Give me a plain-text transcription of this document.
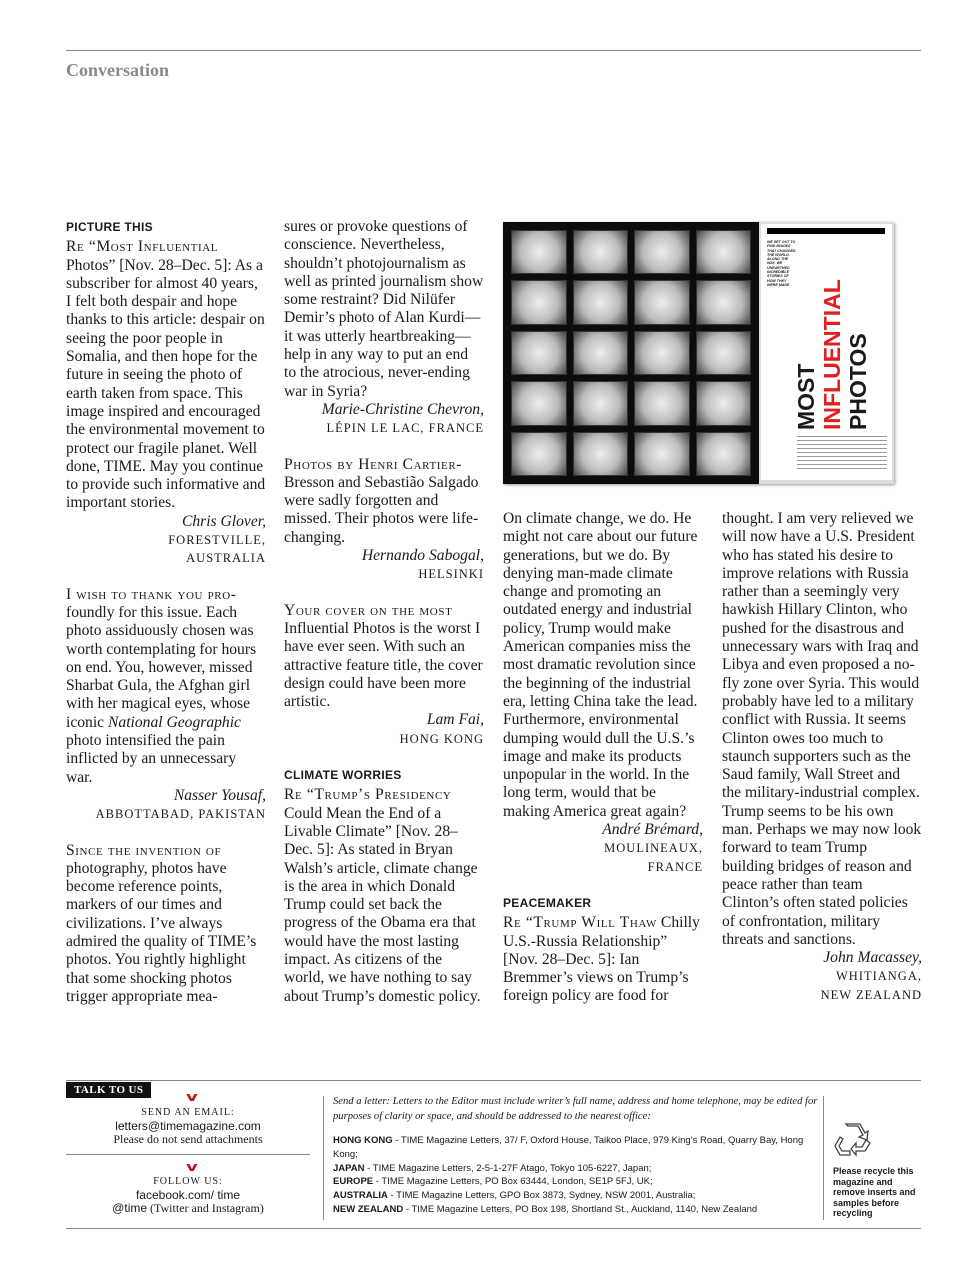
Conversation
PICTURE THIS

Re “Most Influential Photos” [Nov. 28–Dec. 5]: As a subscriber for almost 40 years, I felt both despair and hope thanks to this article: despair on seeing the poor people in Somalia, and then hope for the future in seeing the photo of earth taken from space. This image inspired and encouraged the environmental movement to protect our fragile planet. Well done, TIME. May you continue to provide such informative and important stories.

Chris Glover,
FORESTVILLE,
AUSTRALIA

I wish to thank you pro- foundly for this issue. Each photo assiduously chosen was worth contemplating for hours on end. You, however, missed Sharbat Gula, the Afghan girl with her magical eyes, whose iconic National Geographic photo intensified the pain inflicted by an unnecessary war.

Nasser Yousaf,
ABBOTTABAD, PAKISTAN

Since the invention of photography, photos have become reference points, markers of our times and civilizations. I’ve always admired the quality of TIME’s photos. You rightly highlight that some shocking photos trigger appropriate mea-

sures or provoke questions of conscience. Nevertheless, shouldn’t photojournalism as well as printed journalism show some restraint? Did Nilüfer Demir’s photo of Alan Kurdi—it was utterly heartbreaking—help in any way to put an end to the atrocious, never-ending war in Syria?

Marie-Christine Chevron,
LÉPIN LE LAC, FRANCE

Photos by Henri Cartier- Bresson and Sebastião Salgado were sadly forgotten and missed. Their photos were life-changing.

Hernando Sabogal,
HELSINKI

Your cover on the most Influential Photos is the worst I have ever seen. With such an attractive feature title, the cover design could have been more artistic.

Lam Fai,
HONG KONG
CLIMATE WORRIES

Re “Trump’s Presidency Could Mean the End of a Livable Climate” [Nov. 28–Dec. 5]: As stated in Bryan Walsh’s article, climate change is the area in which Donald Trump could set back the progress of the Obama era that would have the most lasting impact. As citizens of the world, we have nothing to say about Trump’s domestic policy.

WE SET OUT TO FIND IMAGES THAT CHANGED THE WORLD. ALONG THE WAY, WE UNEARTHED INCREDIBLE STORIES OF HOW THEY WERE MADE
MOST INFLUENTIAL PHOTOS

On climate change, we do. He might not care about our future generations, but we do. By denying man-made climate change and promoting an outdated energy and industrial policy, Trump would make American companies miss the most dramatic revolution since the beginning of the industrial era, letting China take the lead. Furthermore, environmental dumping would dull the U.S.’s image and make its products unpopular in the world. In the long term, would that be making America great again?

André Brémard,
MOULINEAUX,
FRANCE
PEACEMAKER

Re “Trump Will Thaw Chilly U.S.-Russia Relationship” [Nov. 28–Dec. 5]: Ian Bremmer’s views on Trump’s foreign policy are food for

thought. I am very relieved we will now have a U.S. President who has stated his desire to improve relations with Russia rather than a seemingly very hawkish Hillary Clinton, who pushed for the disastrous and unnecessary wars with Iraq and Libya and even proposed a no-fly zone over Syria. This would probably have led to a military conflict with Russia. It seems Clinton owes too much to staunch supporters such as the Saud family, Wall Street and the military-industrial complex. Trump seems to be his own man. Perhaps we may now look forward to team Trump building bridges of reason and peace rather than team Clinton’s often stated policies of confrontation, military threats and sanctions.

John Macassey,
WHITIANGA,
NEW ZEALAND
TALK TO US	v
SEND AN EMAIL:
letters@timemagazine.com
Please do not send attachments
v
FOLLOW US:
facebook.com/ time
@time (Twitter and Instagram)
Send a letter: Letters to the Editor must include writer’s full name, address and home telephone, may be edited for purposes of clarity or space, and should be addressed to the nearest office:
HONG KONG - TIME Magazine Letters, 37/ F, Oxford House, Taikoo Place, 979 King’s Road, Quarry Bay, Hong Kong;
JAPAN - TIME Magazine Letters, 2-5-1-27F Atago, Tokyo 105-6227, Japan;
EUROPE - TIME Magazine Letters, PO Box 63444, London, SE1P 5FJ, UK;
AUSTRALIA - TIME Magazine Letters, GPO Box 3873, Sydney, NSW 2001, Australia;
NEW ZEALAND - TIME Magazine Letters, PO Box 198, Shortland St., Auckland, 1140, New Zealand
Please recycle this magazine and remove inserts and samples before recycling
